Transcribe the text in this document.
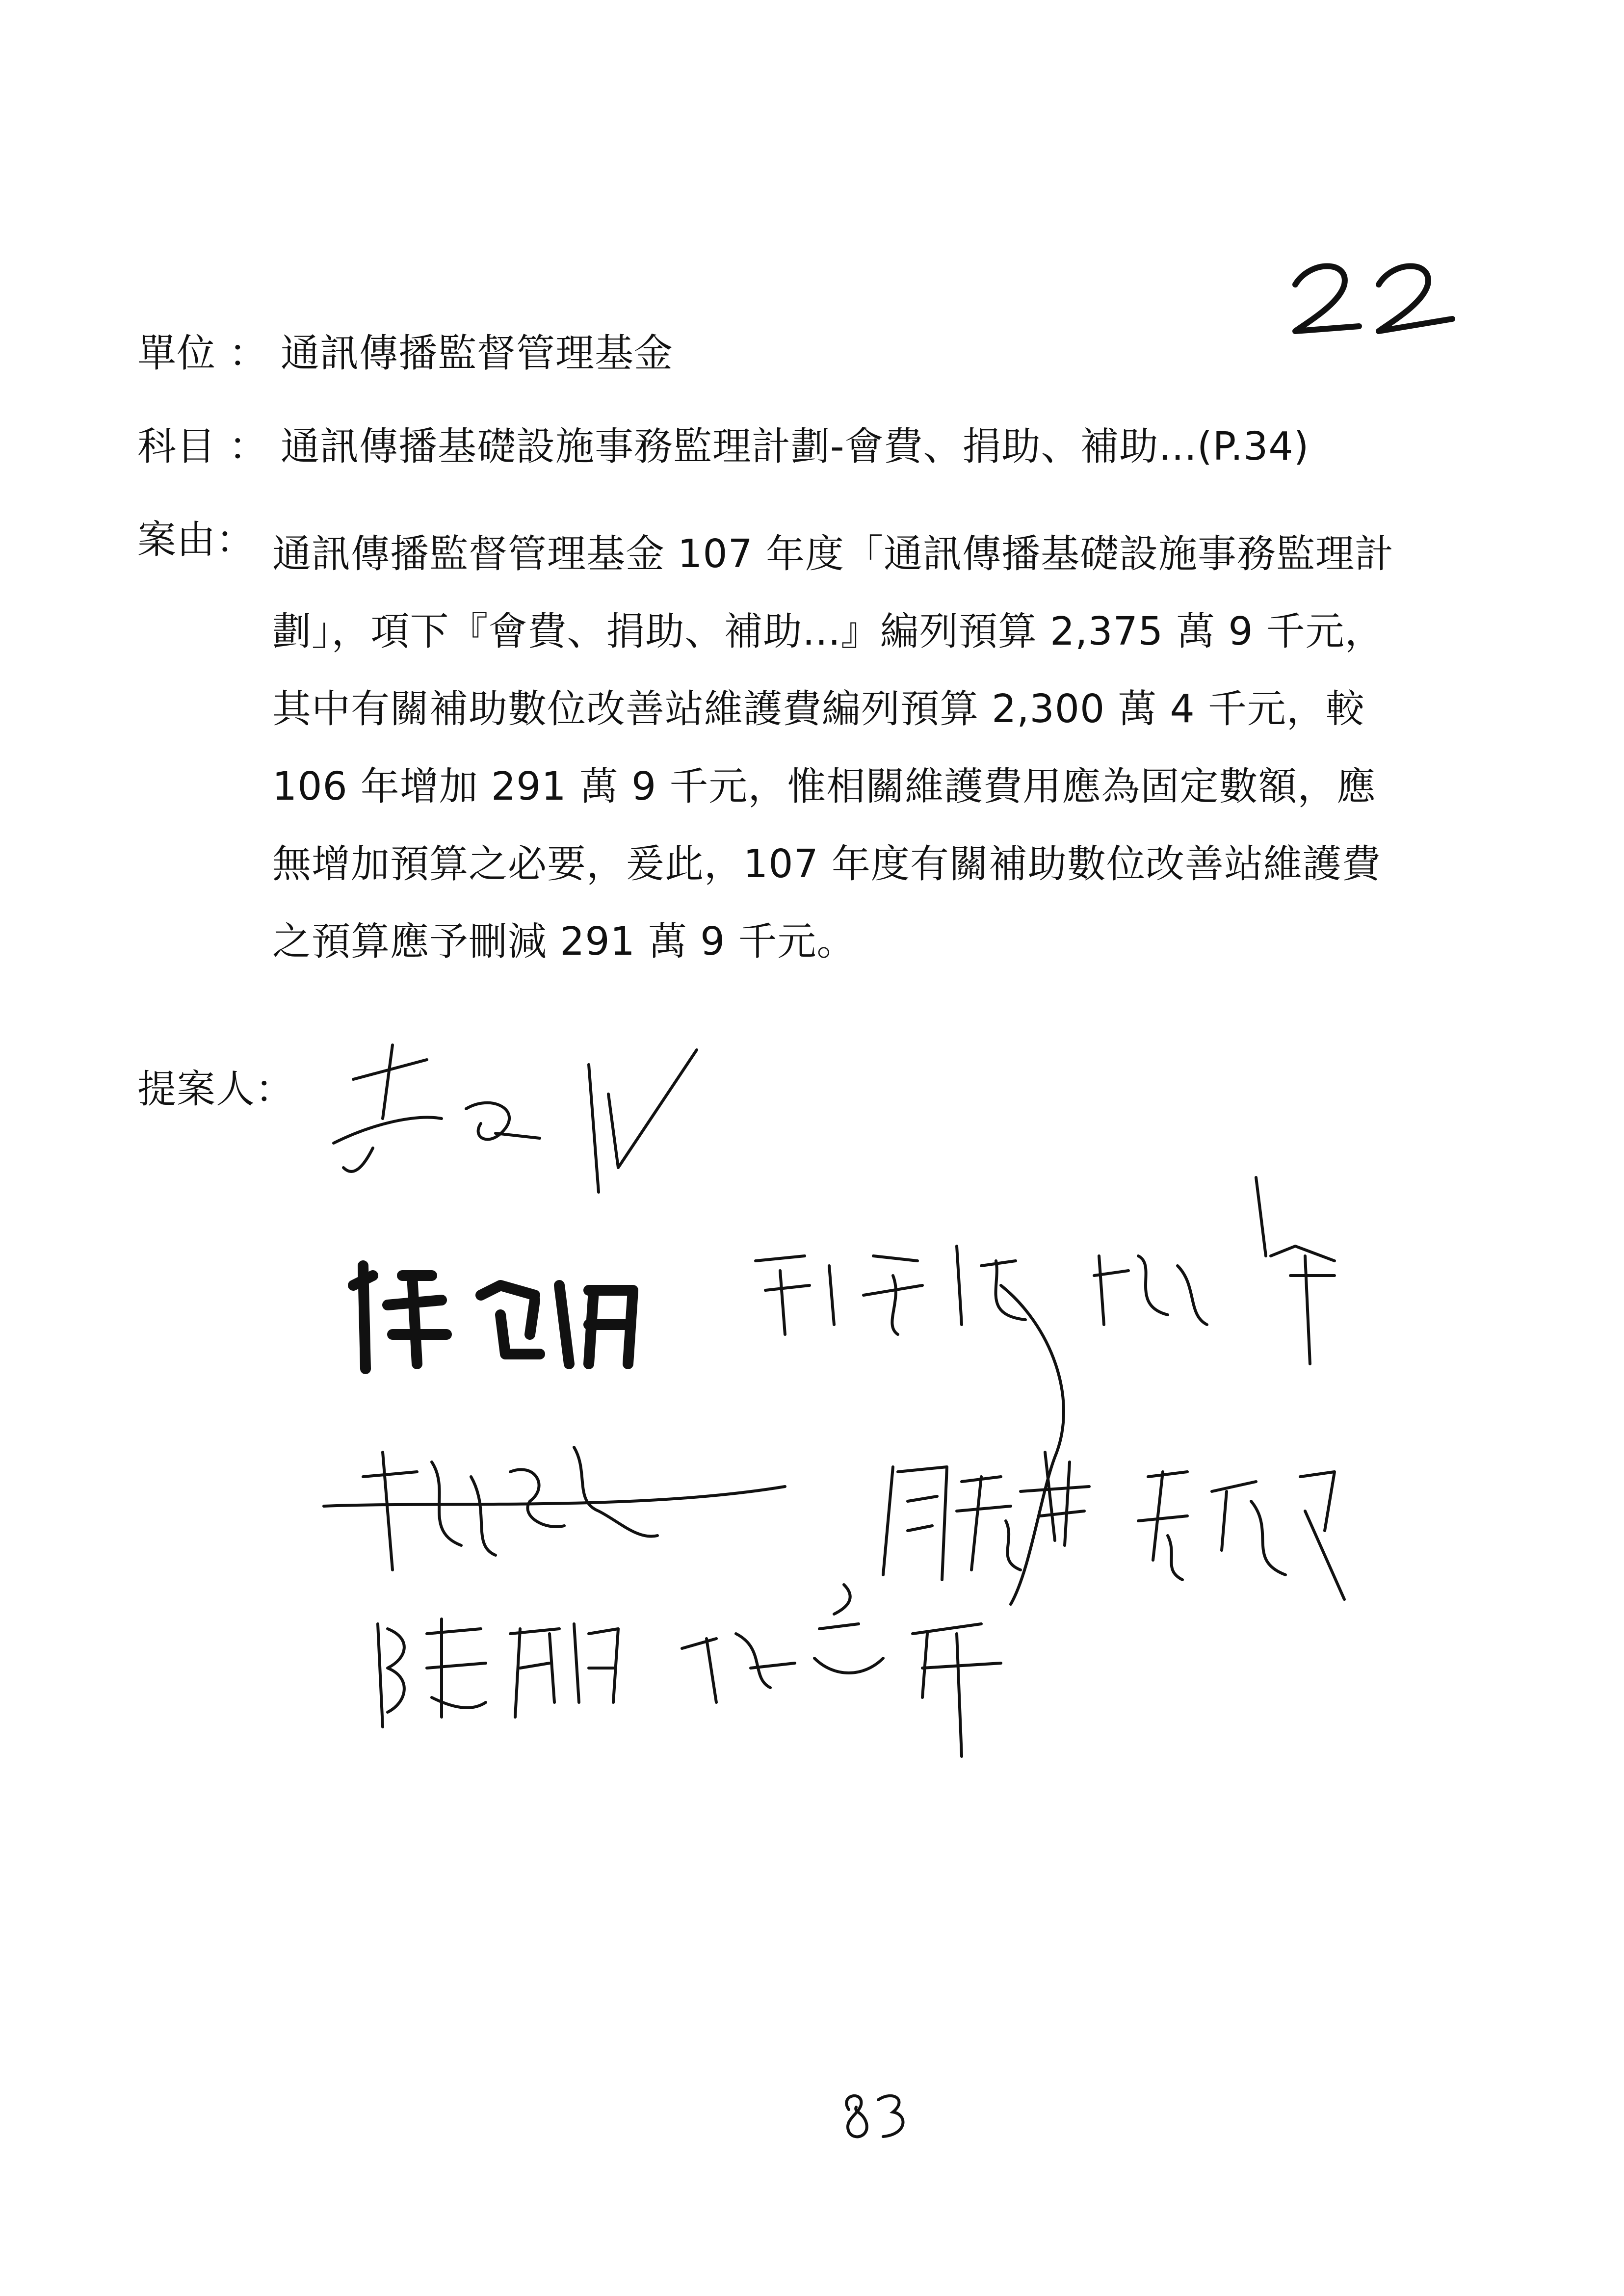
單位 ： 通訊傳播監督管理基金
科目 ： 通訊傳播基礎設施事務監理計劃-會費、捐助、補助...(P.34)
案由： 通訊傳播監督管理基金 107 年度「通訊傳播基礎設施事務監理計
劃」，項下『會費、捐助、補助...』編列預算 2,375 萬 9 千元，
其中有關補助數位改善站維護費編列預算 2,300 萬 4 千元，較
106 年增加 291 萬 9 千元，惟相關維護費用應為固定數額，應
無增加預算之必要，爰此，107 年度有關補助數位改善站維護費
之預算應予刪減 291 萬 9 千元。
提案人：
